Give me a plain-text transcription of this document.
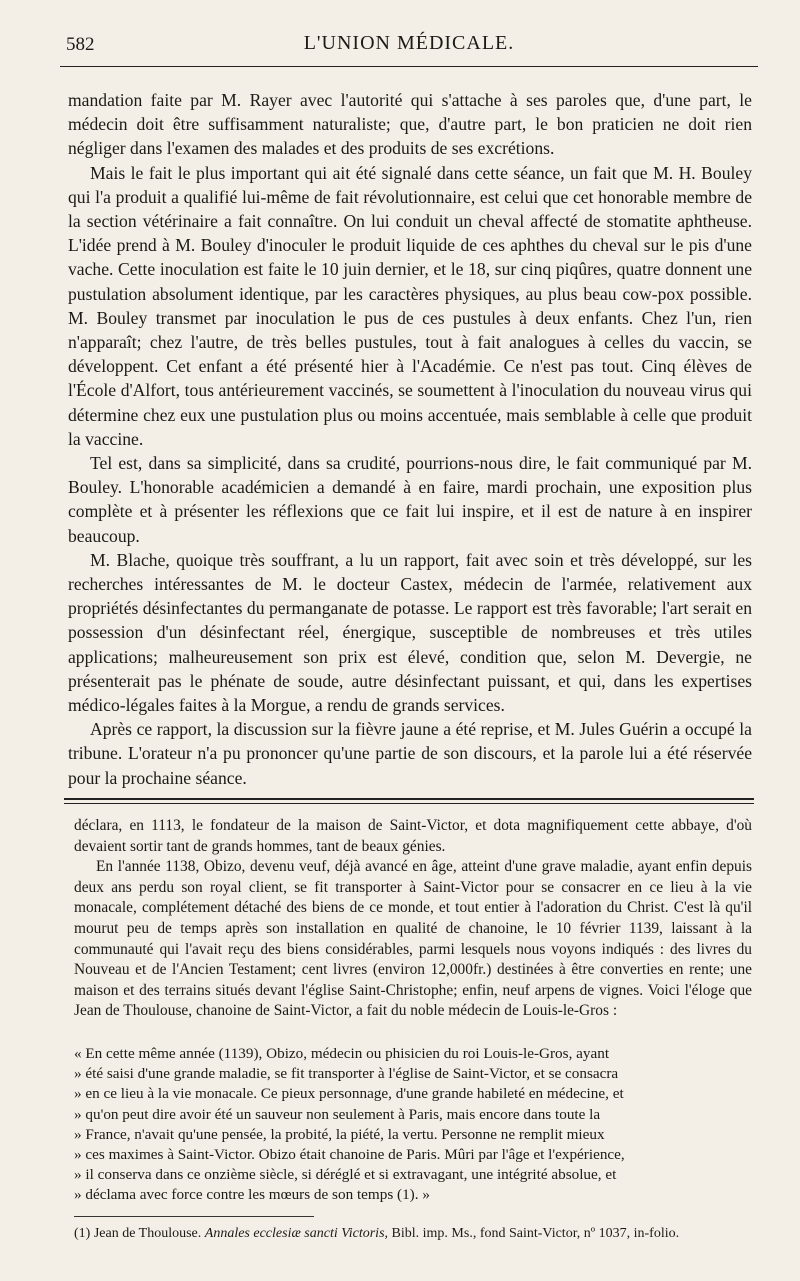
582	L'UNION MÉDICALE.

mandation faite par M. Rayer avec l'autorité qui s'attache à ses paroles que, d'une part, le médecin doit être suffisamment naturaliste; que, d'autre part, le bon praticien ne doit rien négliger dans l'examen des malades et des produits de ses excrétions.

Mais le fait le plus important qui ait été signalé dans cette séance, un fait que M. H. Bouley qui l'a produit a qualifié lui-même de fait révolutionnaire, est celui que cet honorable membre de la section vétérinaire a fait connaître. On lui conduit un cheval affecté de stomatite aphtheuse. L'idée prend à M. Bouley d'inoculer le produit liquide de ces aphthes du cheval sur le pis d'une vache. Cette inoculation est faite le 10 juin dernier, et le 18, sur cinq piqûres, quatre donnent une pustulation absolument identique, par les caractères physiques, au plus beau cow-pox possible. M. Bouley transmet par inoculation le pus de ces pustules à deux enfants. Chez l'un, rien n'apparaît; chez l'autre, de très belles pustules, tout à fait analogues à celles du vaccin, se développent. Cet enfant a été présenté hier à l'Académie. Ce n'est pas tout. Cinq élèves de l'École d'Alfort, tous antérieurement vaccinés, se soumettent à l'inoculation du nouveau virus qui détermine chez eux une pustulation plus ou moins accentuée, mais semblable à celle que produit la vaccine.

Tel est, dans sa simplicité, dans sa crudité, pourrions-nous dire, le fait communiqué par M. Bouley. L'honorable académicien a demandé à en faire, mardi prochain, une exposition plus complète et à présenter les réflexions que ce fait lui inspire, et il est de nature à en inspirer beaucoup.

M. Blache, quoique très souffrant, a lu un rapport, fait avec soin et très développé, sur les recherches intéressantes de M. le docteur Castex, médecin de l'armée, relativement aux propriétés désinfectantes du permanganate de potasse. Le rapport est très favorable; l'art serait en possession d'un désinfectant réel, énergique, susceptible de nombreuses et très utiles applications; malheureusement son prix est élevé, condition que, selon M. Devergie, ne présenterait pas le phénate de soude, autre désinfectant puissant, et qui, dans les expertises médico-légales faites à la Morgue, a rendu de grands services.

Après ce rapport, la discussion sur la fièvre jaune a été reprise, et M. Jules Guérin a occupé la tribune. L'orateur n'a pu prononcer qu'une partie de son discours, et la parole lui a été réservée pour la prochaine séance.

déclara, en 1113, le fondateur de la maison de Saint-Victor, et dota magnifiquement cette abbaye, d'où devaient sortir tant de grands hommes, tant de beaux génies.

En l'année 1138, Obizo, devenu veuf, déjà avancé en âge, atteint d'une grave maladie, ayant enfin depuis deux ans perdu son royal client, se fit transporter à Saint-Victor pour se consacrer en ce lieu à la vie monacale, complétement détaché des biens de ce monde, et tout entier à l'adoration du Christ. C'est là qu'il mourut peu de temps après son installation en qualité de chanoine, le 10 février 1139, laissant à la communauté qui l'avait reçu des biens considérables, parmi lesquels nous voyons indiqués : des livres du Nouveau et de l'Ancien Testament; cent livres (environ 12,000fr.) destinées à être converties en rente; une maison et des terrains situés devant l'église Saint-Christophe; enfin, neuf arpens de vignes. Voici l'éloge que Jean de Thoulouse, chanoine de Saint-Victor, a fait du noble médecin de Louis-le-Gros :

« En cette même année (1139), Obizo, médecin ou phisicien du roi Louis-le-Gros, ayant

» été saisi d'une grande maladie, se fit transporter à l'église de Saint-Victor, et se consacra

» en ce lieu à la vie monacale. Ce pieux personnage, d'une grande habileté en médecine, et

» qu'on peut dire avoir été un sauveur non seulement à Paris, mais encore dans toute la

» France, n'avait qu'une pensée, la probité, la piété, la vertu. Personne ne remplit mieux

» ces maximes à Saint-Victor. Obizo était chanoine de Paris. Mûri par l'âge et l'expérience,

» il conserva dans ce onzième siècle, si déréglé et si extravagant, une intégrité absolue, et

» déclama avec force contre les mœurs de son temps (1). »

(1) Jean de Thoulouse. Annales ecclesiæ sancti Victoris, Bibl. imp. Ms., fond Saint-Victor, nº 1037, in-folio.
